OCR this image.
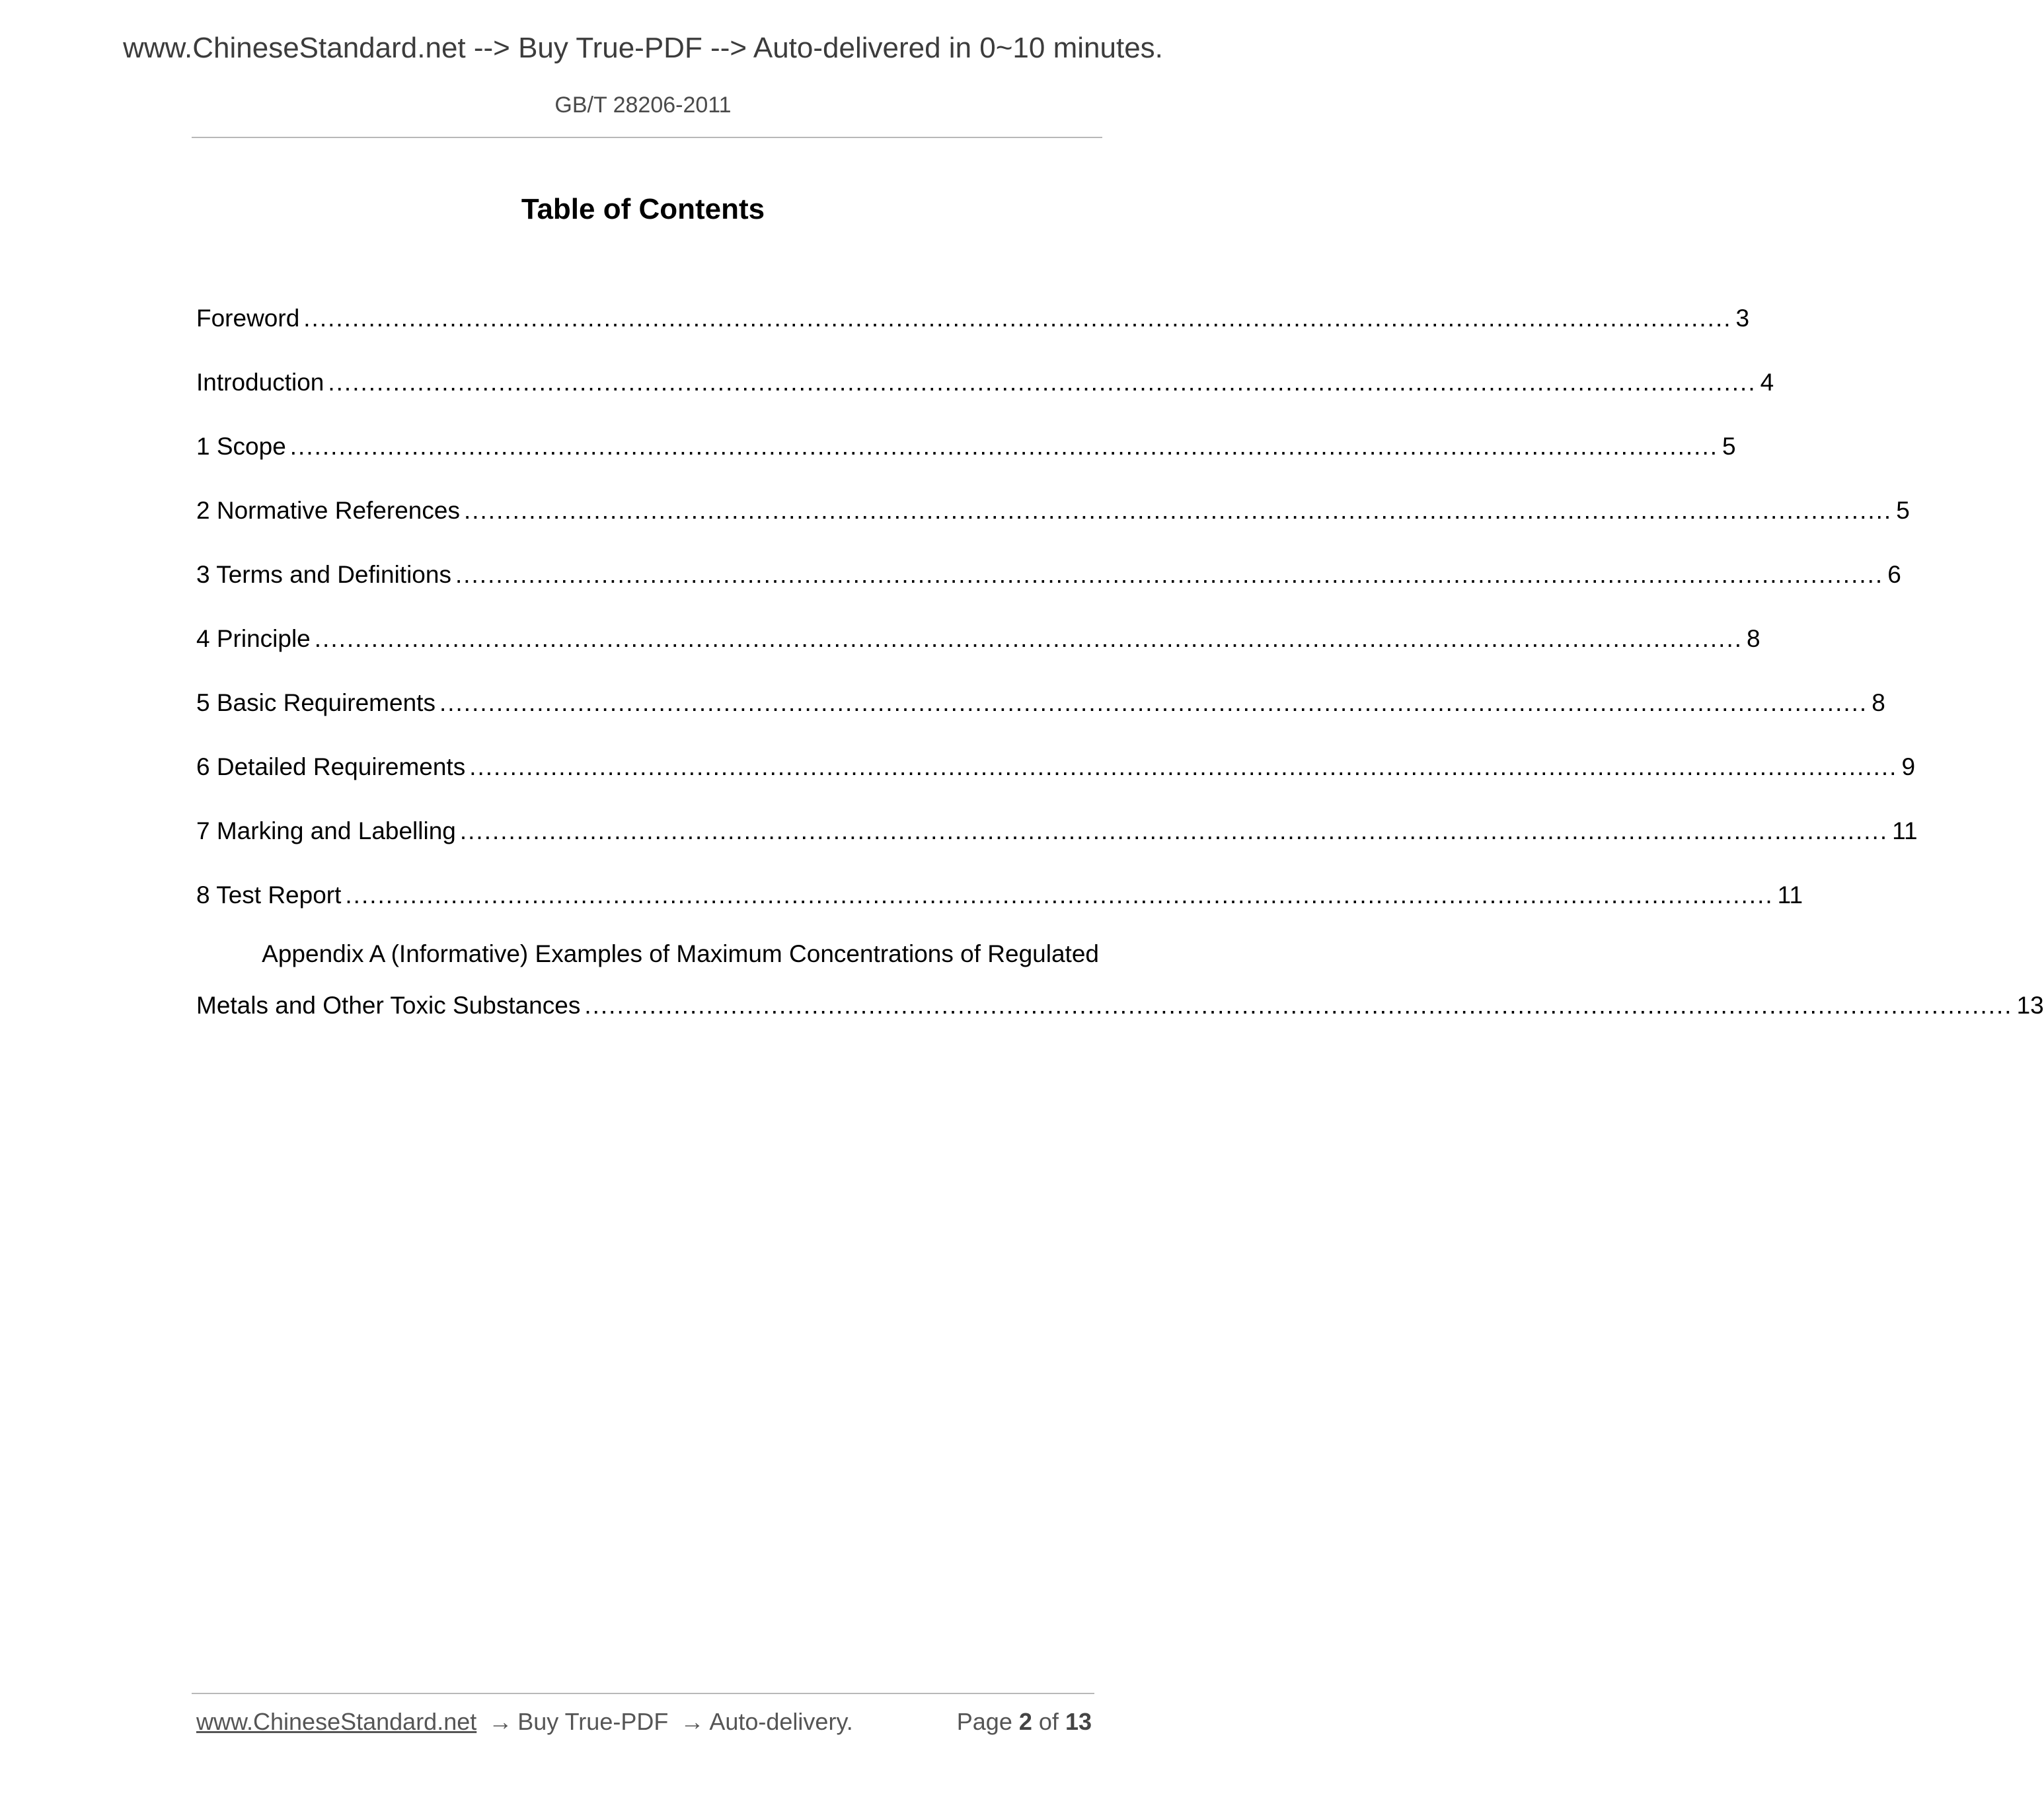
www.ChineseStandard.net --> Buy True-PDF --> Auto-delivered in 0~10 minutes.
GB/T 28206-2011
Table of Contents
Foreword ................................................................................................................................................................................ 3
Introduction ................................................................................................................................................................................ 4
1 Scope ................................................................................................................................................................................ 5
2 Normative References ................................................................................................................................................................................ 5
3 Terms and Definitions ................................................................................................................................................................................ 6
4 Principle ................................................................................................................................................................................ 8
5 Basic Requirements ................................................................................................................................................................................ 8
6 Detailed Requirements ................................................................................................................................................................................ 9
7 Marking and Labelling ................................................................................................................................................................................ 11
8 Test Report ................................................................................................................................................................................ 11
Appendix A (Informative) Examples of Maximum Concentrations of Regulated
Metals and Other Toxic Substances ................................................................................................................................................................................ 13
www.ChineseStandard.net → Buy True-PDF → Auto-delivery.	Page 2 of 13
